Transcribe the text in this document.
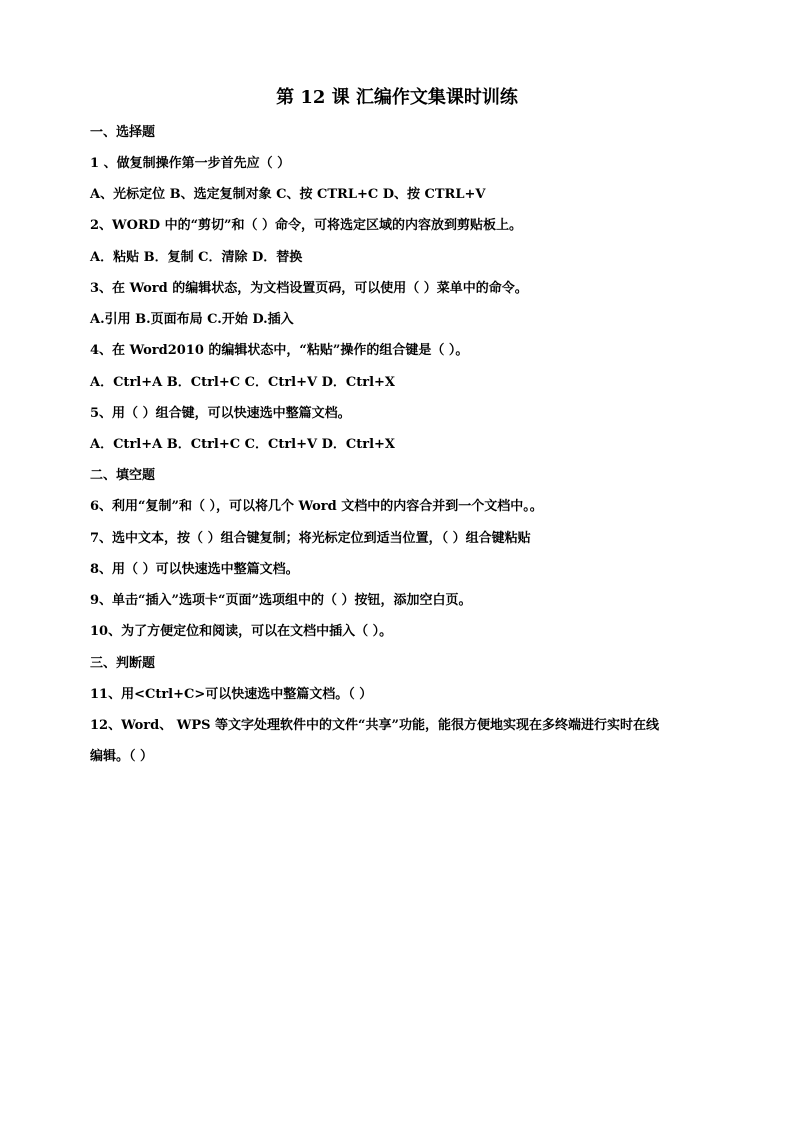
第 12 课 汇编作文集课时训练
一、选择题
1 、做复制操作第一步首先应（ ）
A、光标定位 B、选定复制对象 C、按 CTRL+C D、按 CTRL+V
2、WORD 中的“剪切”和（ ）命令，可将选定区域的内容放到剪贴板上。
A．粘贴 B．复制 C．清除 D．替换
3、在 Word 的编辑状态，为文档设置页码，可以使用（ ）菜单中的命令。
A.引用 B.页面布局 C.开始 D.插入
4、在 Word2010 的编辑状态中，“粘贴”操作的组合键是（ ）。
A．Ctrl+A B．Ctrl+C C．Ctrl+V D．Ctrl+X
5、用（ ）组合键，可以快速选中整篇文档。
A．Ctrl+A B．Ctrl+C C．Ctrl+V D．Ctrl+X
二、填空题
6、利用“复制”和（ ），可以将几个 Word 文档中的内容合并到一个文档中。。
7、选中文本，按（ ）组合键复制；将光标定位到适当位置，（ ）组合键粘贴
8、用（ ）可以快速选中整篇文档。
9、单击“插入”选项卡“页面”选项组中的（ ）按钮，添加空白页。
10、为了方便定位和阅读，可以在文档中插入（ ）。
三、判断题
11、用<Ctrl+C>可以快速选中整篇文档。（ ）
12、Word、 WPS 等文字处理软件中的文件“共享”功能，能很方便地实现在多终端进行实时在线
编辑。（ ）
